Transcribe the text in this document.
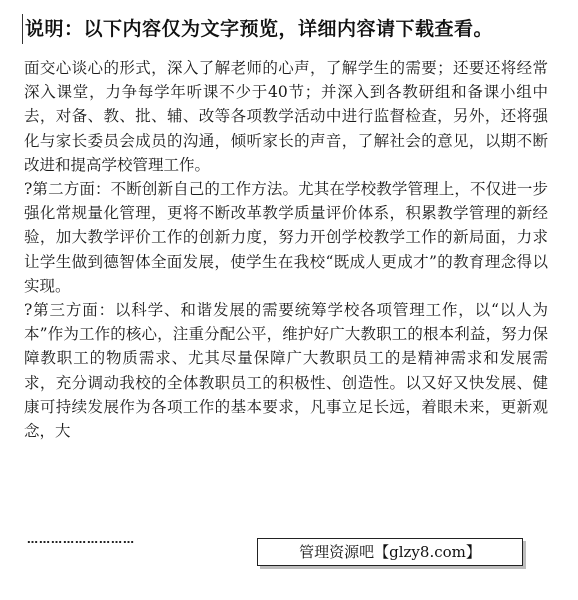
说明：以下内容仅为文字预览，详细内容请下载查看。

面交心谈心的形式，深入了解老师的心声，了解学生的需要；还要还将经常深入课堂，力争每学年听课不少于40节；并深入到各教研组和备课小组中去，对备、教、批、辅、改等各项教学活动中进行监督检查，另外，还将强化与家长委员会成员的沟通，倾听家长的声音，了解社会的意见，以期不断改进和提高学校管理工作。

?第二方面：不断创新自己的工作方法。尤其在学校教学管理上，不仅进一步强化常规量化管理，更将不断改革教学质量评价体系，积累教学管理的新经验，加大教学评价工作的创新力度，努力开创学校教学工作的新局面，力求让学生做到德智体全面发展，使学生在我校“既成人更成才”的教育理念得以实现。

?第三方面：以科学、和谐发展的需要统筹学校各项管理工作，以“以人为本”作为工作的核心，注重分配公平，维护好广大教职工的根本利益，努力保障教职工的物质需求、尤其尽量保障广大教职员工的是精神需求和发展需求，充分调动我校的全体教职员工的积极性、创造性。以又好又快发展、健康可持续发展作为各项工作的基本要求，凡事立足长远，着眼未来，更新观念，大

………………………
管理资源吧【glzy8.com】
